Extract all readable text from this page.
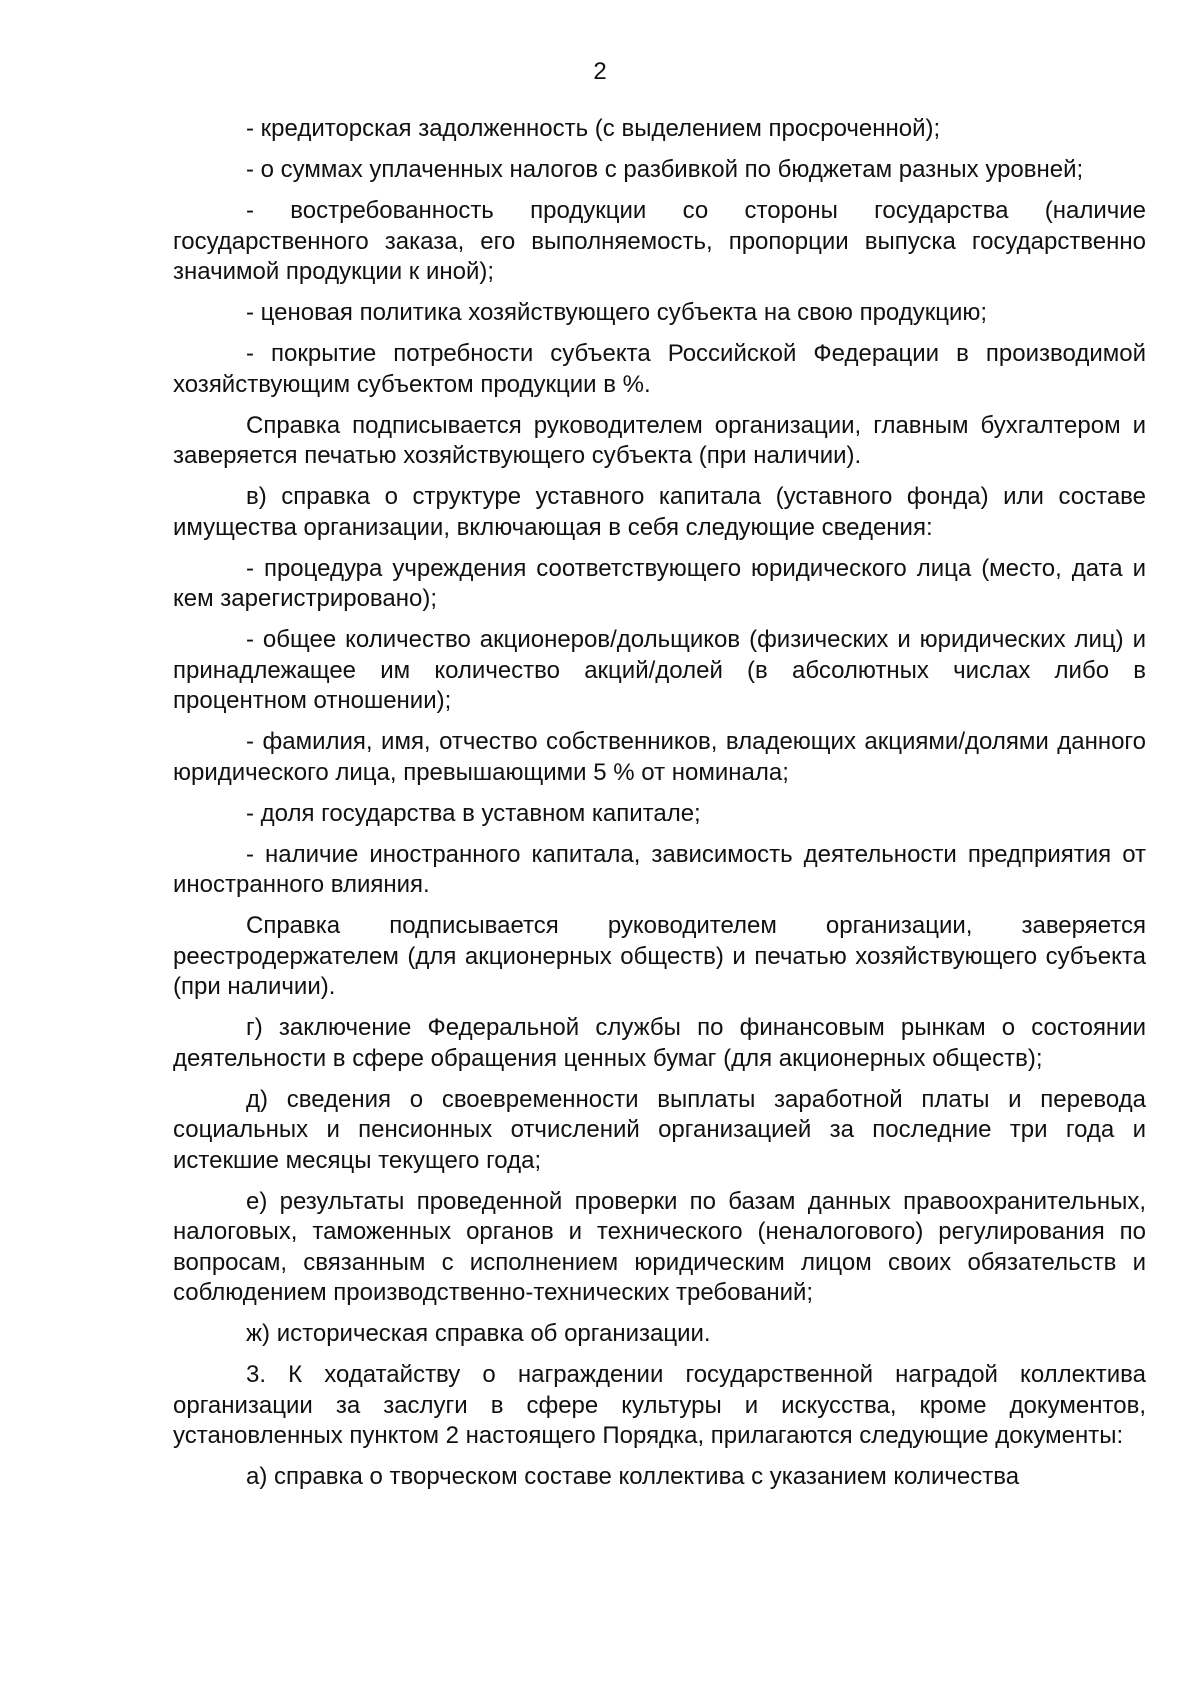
2

- кредиторская задолженность (с выделением просроченной);

- о суммах уплаченных налогов с разбивкой по бюджетам разных уровней;

- востребованность продукции со стороны государства (наличие государственного заказа, его выполняемость, пропорции выпуска государственно значимой продукции к иной);

- ценовая политика хозяйствующего субъекта на свою продукцию;

- покрытие потребности субъекта Российской Федерации в производимой хозяйствующим субъектом продукции в %.

Справка подписывается руководителем организации, главным бухгалтером и заверяется печатью хозяйствующего субъекта (при наличии).

в) справка о структуре уставного капитала (уставного фонда) или составе имущества организации, включающая в себя следующие сведения:

- процедура учреждения соответствующего юридического лица (место, дата и кем зарегистрировано);

- общее количество акционеров/дольщиков (физических и юридических лиц) и принадлежащее им количество акций/долей (в абсолютных числах либо в процентном отношении);

- фамилия, имя, отчество собственников, владеющих акциями/долями данного юридического лица, превышающими 5 % от номинала;

- доля государства в уставном капитале;

- наличие иностранного капитала, зависимость деятельности предприятия от иностранного влияния.

Справка подписывается руководителем организации, заверяется реестродержателем (для акционерных обществ) и печатью хозяйствующего субъекта (при наличии).

г) заключение Федеральной службы по финансовым рынкам о состоянии деятельности в сфере обращения ценных бумаг (для акционерных обществ);

д) сведения о своевременности выплаты заработной платы и перевода социальных и пенсионных отчислений организацией за последние три года и истекшие месяцы текущего года;

е) результаты проведенной проверки по базам данных правоохранительных, налоговых, таможенных органов и технического (неналогового) регулирования по вопросам, связанным с исполнением юридическим лицом своих обязательств и соблюдением производственно-технических требований;

ж) историческая справка об организации.

3. К ходатайству о награждении государственной наградой коллектива организации за заслуги в сфере культуры и искусства, кроме документов, установленных пунктом 2 настоящего Порядка, прилагаются следующие документы:

а) справка о творческом составе коллектива с указанием количества
